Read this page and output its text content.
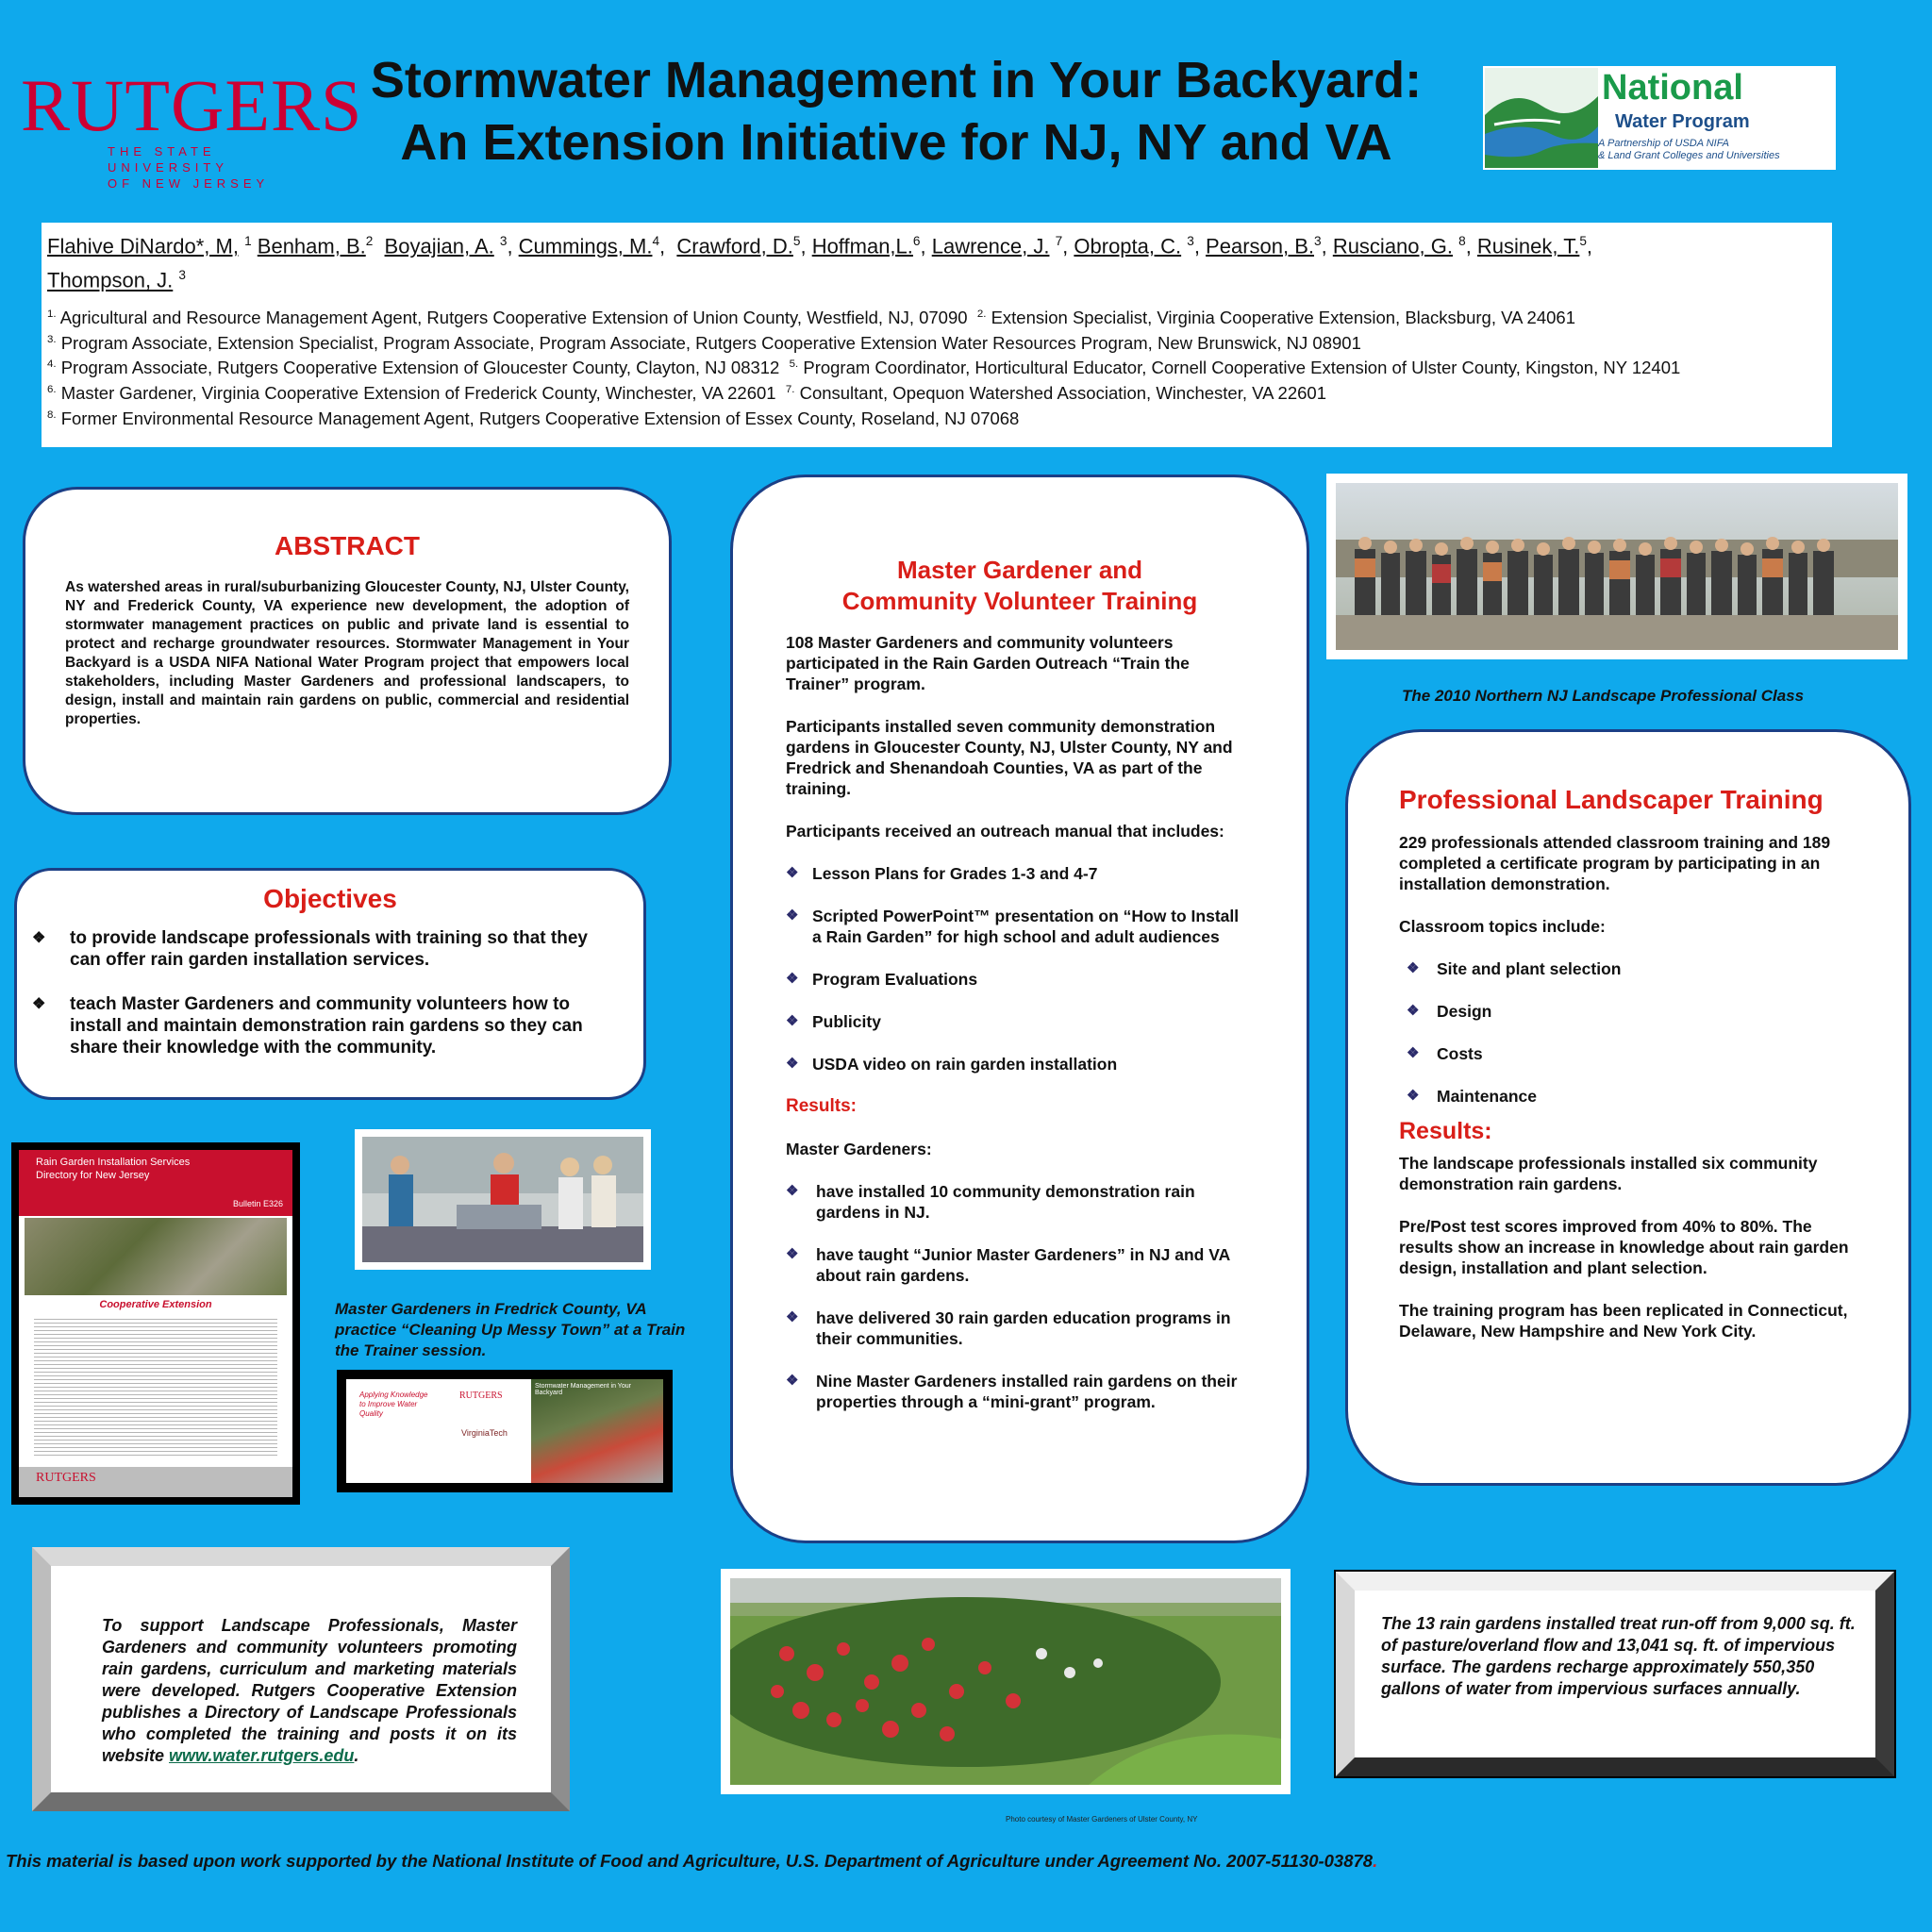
RUTGERS
THE STATE UNIVERSITY
OF NEW JERSEY
Stormwater Management in Your Backyard:
An Extension Initiative for NJ, NY and VA
National
Water Program
A Partnership of USDA NIFA
& Land Grant Colleges and Universities
Flahive DiNardo*, M, $^1$ Benham, B.$^2$ Boyajian, A. $^3$, Cummings, M.$^4$,  Crawford, D.$^5$, Hoffman,L.$^6$, Lawrence, J. $^7$, Obropta, C. $^3$, Pearson, B.$^3$, Rusciano, G. $^8$, Rusinek, T.$^5$,
Thompson, J. $^3$
$^{1.}$ Agricultural and Resource Management Agent, Rutgers Cooperative Extension of Union County, Westfield, NJ, 07090 $^{2.}$ Extension Specialist, Virginia Cooperative Extension, Blacksburg, VA 24061
$^{3.}$ Program Associate, Extension Specialist, Program Associate, Program Associate, Rutgers Cooperative Extension Water Resources Program, New Brunswick, NJ 08901
$^{4.}$ Program Associate, Rutgers Cooperative Extension of Gloucester County, Clayton, NJ 08312 $^{5.}$ Program Coordinator, Horticultural Educator, Cornell Cooperative Extension of Ulster County, Kingston, NY 12401
$^{6.}$ Master Gardener, Virginia Cooperative Extension of Frederick County, Winchester, VA 22601 $^{7.}$ Consultant, Opequon Watershed Association, Winchester, VA 22601
$^{8.}$ Former Environmental Resource Management Agent, Rutgers Cooperative Extension of Essex County, Roseland, NJ 07068
ABSTRACT

As watershed areas in rural/suburbanizing Gloucester County, NJ, Ulster County, NY and Frederick County, VA experience new development, the adoption of stormwater management practices on public and private land is essential to protect and recharge groundwater resources. Stormwater Management in Your Backyard is a USDA NIFA National Water Program project that empowers local stakeholders, including Master Gardeners and professional landscapers, to design, install and maintain rain gardens on public, commercial and residential properties.

Objectives
❖ to provide landscape professionals with training so that they can offer rain garden installation services.
❖ teach Master Gardeners and community volunteers how to install and maintain demonstration rain gardens so they can share their knowledge with the community.
Rain Garden Installation Services
Directory for New Jersey
Bulletin E326
Cooperative Extension
RUTGERS
Master Gardeners in Fredrick County, VA practice “Cleaning Up Messy Town” at a Train the Trainer session.
Applying Knowledge to Improve Water Quality
RUTGERS
VirginiaTech
Stormwater Management in Your Backyard
Master Gardener and
Community Volunteer Training

108 Master Gardeners and community volunteers participated in the Rain Garden Outreach “Train the Trainer” program.

Participants installed seven community demonstration gardens in Gloucester County, NJ, Ulster County, NY and Fredrick and Shenandoah Counties, VA as part of the training.

Participants received an outreach manual that includes:

❖ Lesson Plans for Grades 1-3 and 4-7
❖ Scripted PowerPoint™ presentation on “How to Install a Rain Garden” for high school and adult audiences
❖ Program Evaluations
❖ Publicity
❖ USDA video on rain garden installation

Results:

Master Gardeners:

❖ have installed 10 community demonstration rain gardens in NJ.
❖ have taught “Junior Master Gardeners” in NJ and VA about rain gardens.
❖ have delivered 30 rain garden education programs in their communities.
❖ Nine Master Gardeners installed rain gardens on their properties through a “mini-grant” program.
The 2010 Northern NJ Landscape Professional Class
Professional Landscaper Training

229 professionals attended classroom training and 189 completed a certificate program by participating in an installation demonstration.

Classroom topics include:

❖ Site and plant selection
❖ Design
❖ Costs
❖ Maintenance
Results:

The landscape professionals installed six community demonstration rain gardens.

Pre/Post test scores improved from 40% to 80%. The results show an increase in knowledge about rain garden design, installation and plant selection.

The training program has been replicated in Connecticut, Delaware, New Hampshire and New York City.

To support Landscape Professionals, Master Gardeners and community volunteers promoting rain gardens, curriculum and marketing materials were developed. Rutgers Cooperative Extension publishes a Directory of Landscape Professionals who completed the training and posts it on its website www.water.rutgers.edu.

Photo courtesy of Master Gardeners of Ulster County, NY

The 13 rain gardens installed treat run-off from 9,000 sq. ft. of pasture/overland flow and 13,041 sq. ft. of impervious surface. The gardens recharge approximately 550,350 gallons of water from impervious surfaces annually.

This material is based upon work supported by the National Institute of Food and Agriculture, U.S. Department of Agriculture under Agreement No. 2007-51130-03878.
